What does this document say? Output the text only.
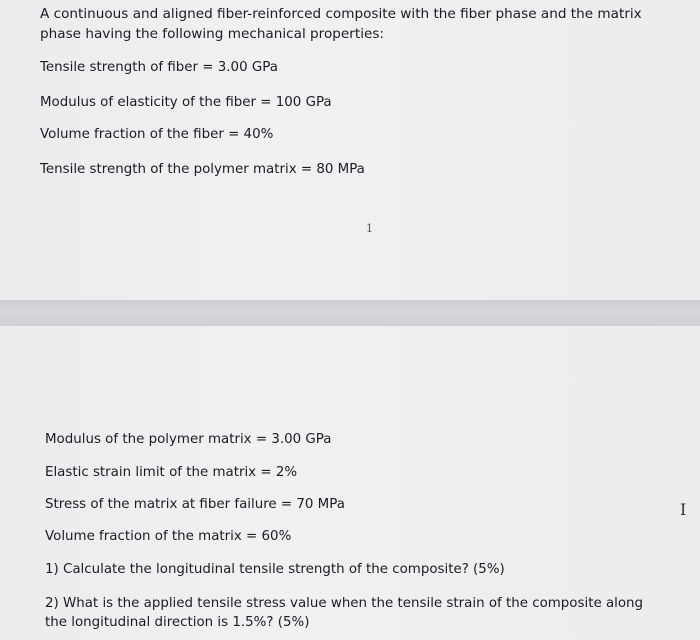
A continuous and aligned fiber-reinforced composite with the fiber phase and the matrix phase having the following mechanical properties:
Tensile strength of fiber = 3.00 GPa
Modulus of elasticity of the fiber = 100 GPa
Volume fraction of the fiber = 40%
Tensile strength of the polymer matrix = 80 MPa
1
Modulus of the polymer matrix = 3.00 GPa
Elastic strain limit of the matrix = 2%
Stress of the matrix at fiber failure = 70 MPa
Volume fraction of the matrix = 60%
1) Calculate the longitudinal tensile strength of the composite? (5%)
2) What is the applied tensile stress value when the tensile strain of the composite along the longitudinal direction is 1.5%? (5%)
I
